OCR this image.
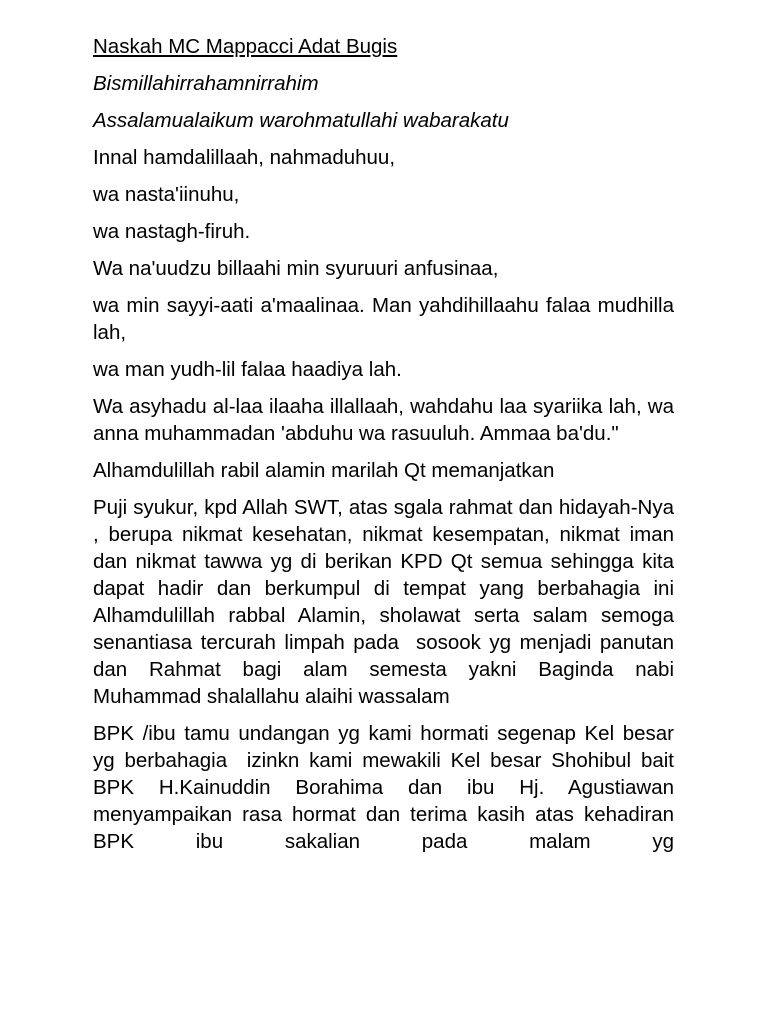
Naskah MC Mappacci Adat Bugis

Bismillahirrahamnirrahim

Assalamualaikum warohmatullahi wabarakatu

Innal hamdalillaah, nahmaduhuu,

wa nasta'iinuhu,

wa nastagh-firuh.

Wa na'uudzu billaahi min syuruuri anfusinaa,

wa min sayyi-aati a'maalinaa. Man yahdihillaahu falaa mudhilla lah,

wa man yudh-lil falaa haadiya lah.

Wa asyhadu al-laa ilaaha illallaah, wahdahu laa syariika lah, wa anna muhammadan 'abduhu wa rasuuluh. Ammaa ba'du."

Alhamdulillah rabil alamin marilah Qt memanjatkan

Puji syukur, kpd Allah SWT, atas sgala rahmat dan hidayah-Nya  , berupa nikmat kesehatan, nikmat kesempatan, nikmat iman dan nikmat tawwa yg di berikan KPD Qt semua sehingga kita dapat hadir dan berkumpul di tempat yang berbahagia ini Alhamdulillah rabbal Alamin, sholawat serta salam semoga senantiasa tercurah limpah pada  sosook yg menjadi panutan dan Rahmat bagi alam semesta yakni Baginda nabi Muhammad shalallahu alaihi wassalam

BPK /ibu tamu undangan yg kami hormati segenap Kel besar yg berbahagia  izinkn kami mewakili Kel besar Shohibul bait BPK H.Kainuddin Borahima dan ibu Hj. Agustiawan menyampaikan rasa hormat dan terima kasih atas kehadiran BPK ibu sakalian pada malam yg
